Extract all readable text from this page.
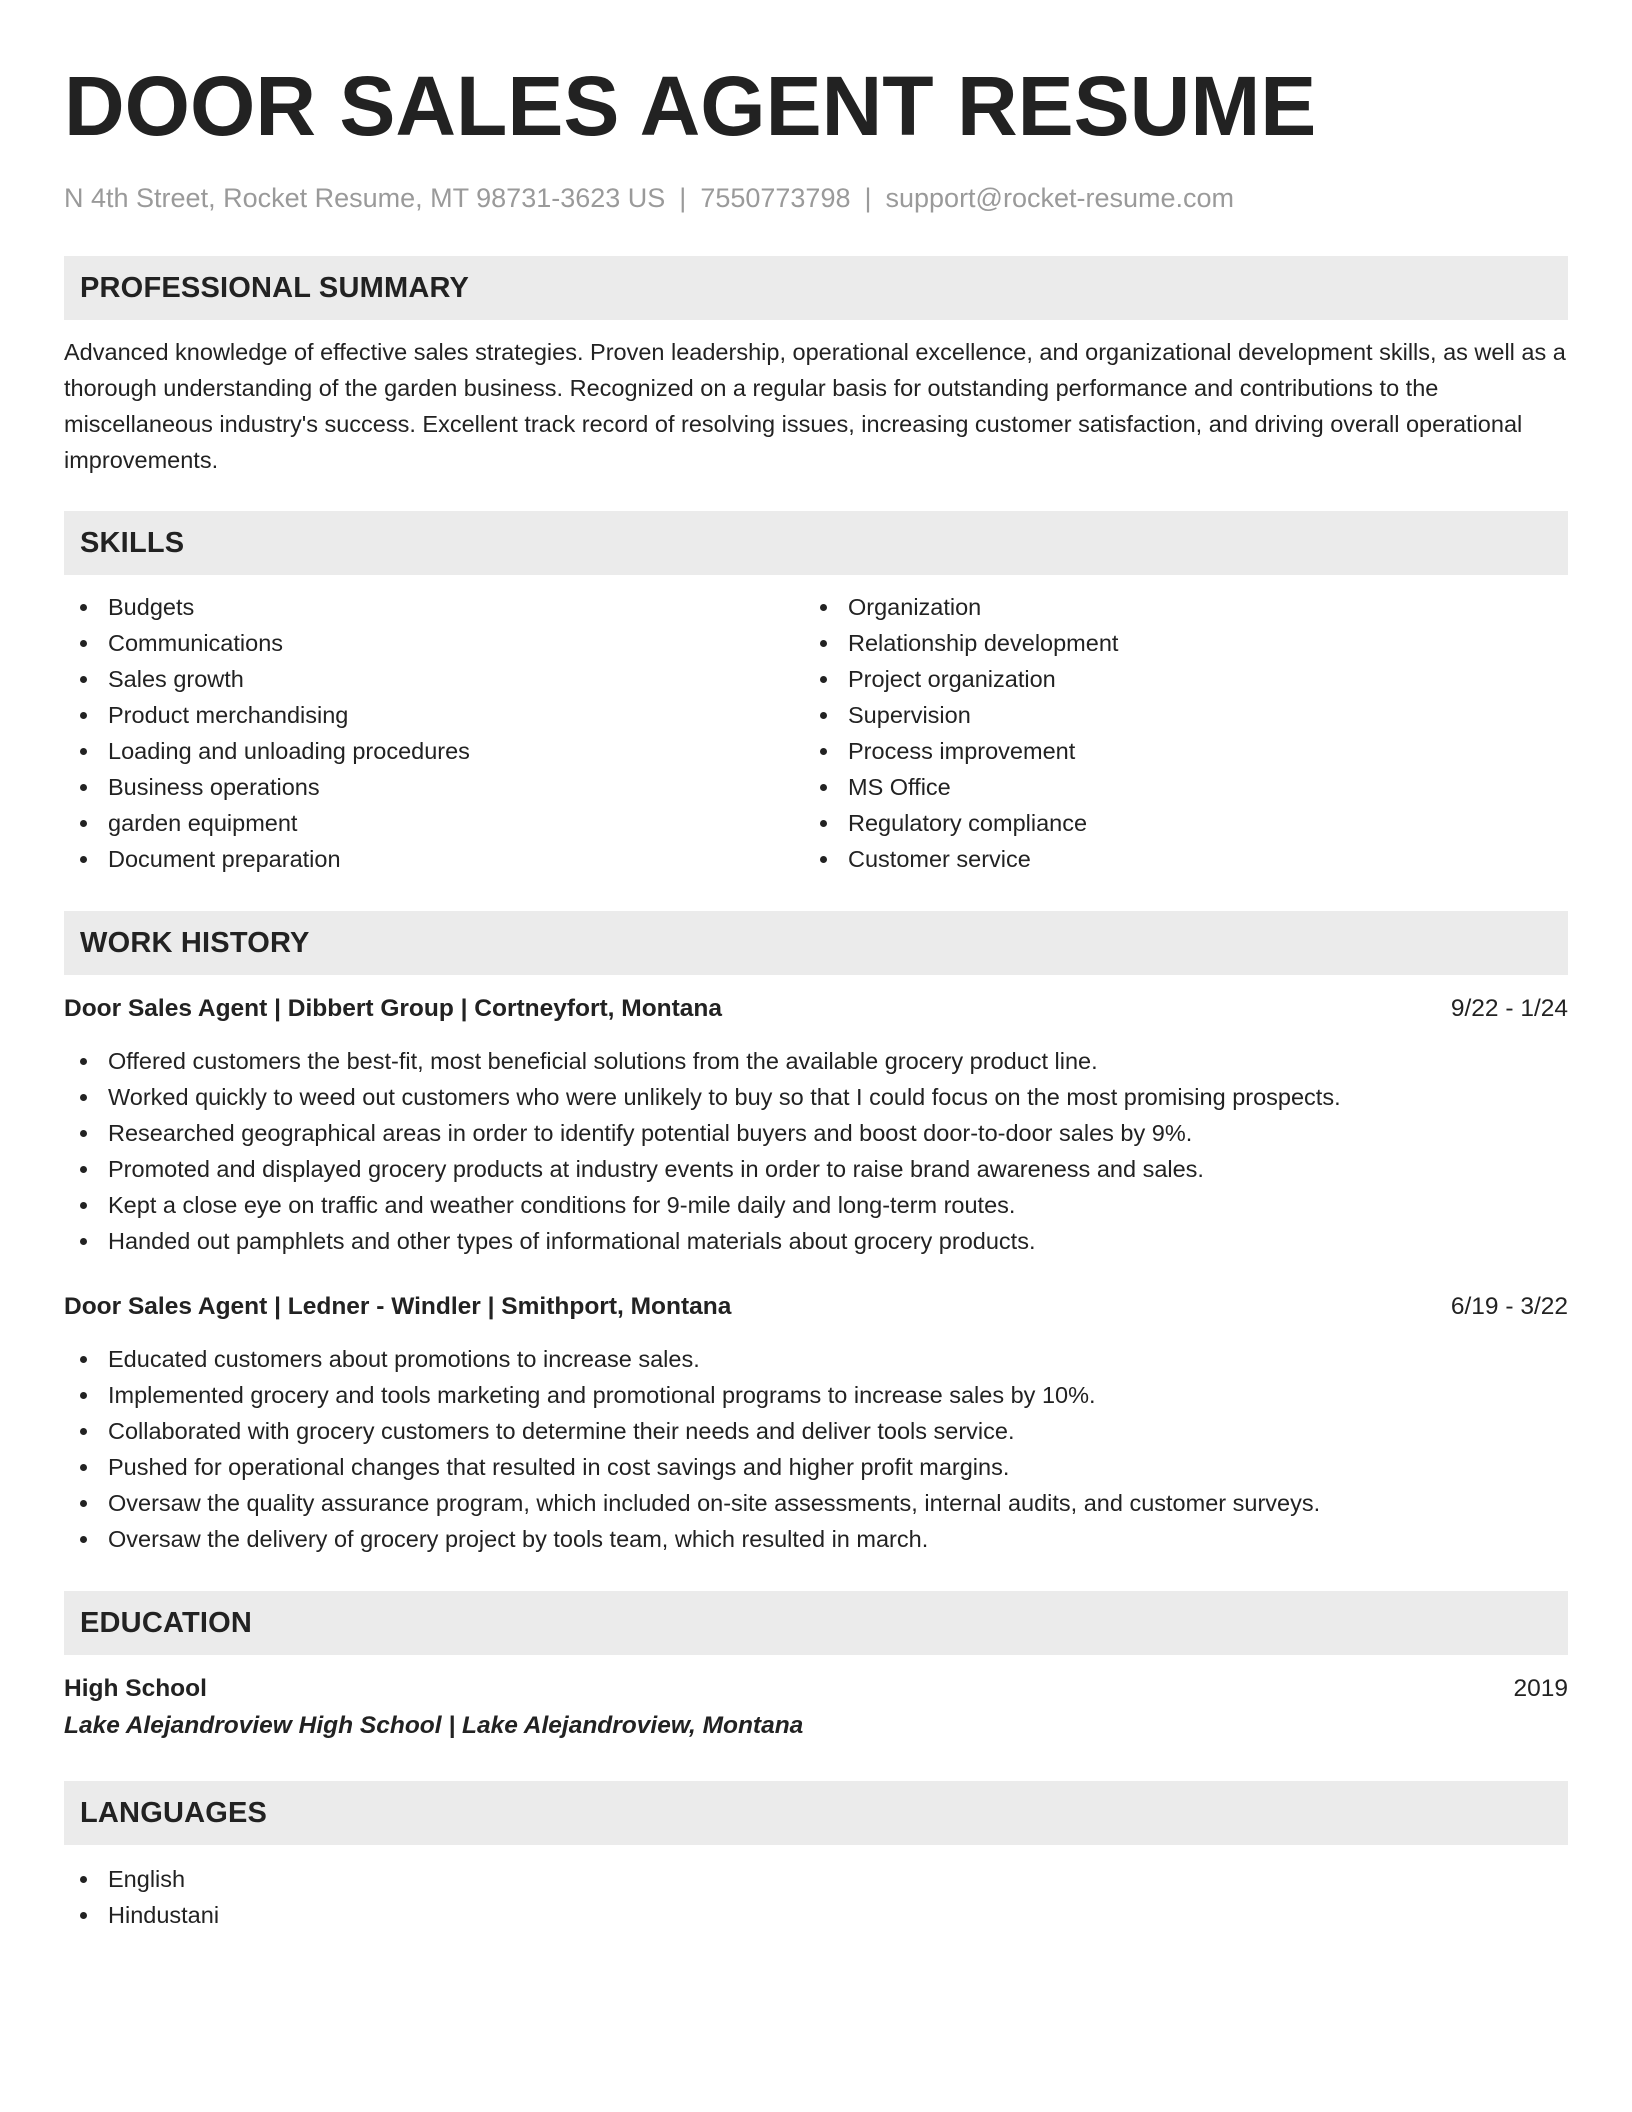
DOOR SALES AGENT RESUME
N 4th Street, Rocket Resume, MT 98731-3623 US | 7550773798 | support@rocket-resume.com
PROFESSIONAL SUMMARY

Advanced knowledge of effective sales strategies. Proven leadership, operational excellence, and organizational development skills, as well as a thorough understanding of the garden business. Recognized on a regular basis for outstanding performance and contributions to the miscellaneous industry's success. Excellent track record of resolving issues, increasing customer satisfaction, and driving overall operational improvements.

SKILLS
Budgets
Communications
Sales growth
Product merchandising
Loading and unloading procedures
Business operations
garden equipment
Document preparation
Organization
Relationship development
Project organization
Supervision
Process improvement
MS Office
Regulatory compliance
Customer service
WORK HISTORY
Door Sales Agent | Dibbert Group | Cortneyfort, Montana	9/22 - 1/24
Offered customers the best-fit, most beneficial solutions from the available grocery product line.
Worked quickly to weed out customers who were unlikely to buy so that I could focus on the most promising prospects.
Researched geographical areas in order to identify potential buyers and boost door-to-door sales by 9%.
Promoted and displayed grocery products at industry events in order to raise brand awareness and sales.
Kept a close eye on traffic and weather conditions for 9-mile daily and long-term routes.
Handed out pamphlets and other types of informational materials about grocery products.
Door Sales Agent | Ledner - Windler | Smithport, Montana	6/19 - 3/22
Educated customers about promotions to increase sales.
Implemented grocery and tools marketing and promotional programs to increase sales by 10%.
Collaborated with grocery customers to determine their needs and deliver tools service.
Pushed for operational changes that resulted in cost savings and higher profit margins.
Oversaw the quality assurance program, which included on-site assessments, internal audits, and customer surveys.
Oversaw the delivery of grocery project by tools team, which resulted in march.
EDUCATION
High School	2019
Lake Alejandroview High School | Lake Alejandroview, Montana
LANGUAGES
English
Hindustani
